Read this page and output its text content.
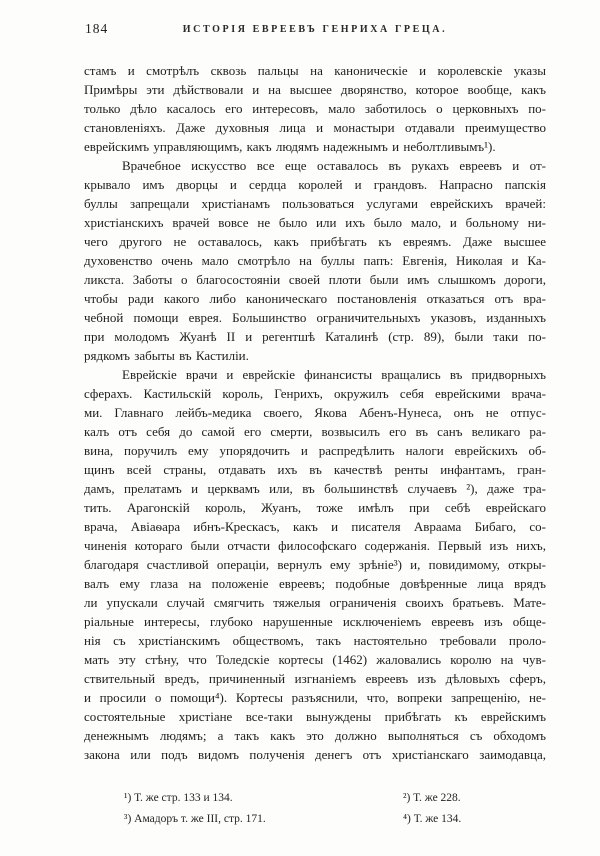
184	ИСТОРІЯ ЕВРЕЕВЪ ГЕНРИХА ГРЕЦА.
стамъ и смотрѣлъ сквозь пальцы на каноническіе и королевскіе указы
Примѣры эти дѣйствовали и на высшее дворянство, которое вообще, какъ
только дѣло касалось его интересовъ, мало заботилось о церковныхъ по-
становленіяхъ. Даже духовныя лица и монастыри отдавали преимущество
еврейскимъ управляющимъ, какъ людямъ надежнымъ и неболтливымъ¹).
Врачебное искусство все еще оставалось въ рукахъ евреевъ и от-
крывало имъ дворцы и сердца королей и грандовъ. Напрасно папскія
буллы запрещали христіанамъ пользоваться услугами еврейскихъ врачей:
христіанскихъ врачей вовсе не было или ихъ было мало, и больному ни-
чего другого не оставалось, какъ прибѣгать къ евреямъ. Даже высшее
духовенство очень мало смотрѣло на буллы папъ: Евгенія, Николая и Ка-
ликста. Заботы о благосостояніи своей плоти были имъ слышкомъ дороги,
чтобы ради какого либо каноническаго постановленія отказаться отъ вра-
чебной помощи еврея. Большинство ограничительныхъ указовъ, изданныхъ
при молодомъ Жуанѣ II и регентшѣ Каталинѣ (стр. 89), были таки по-
рядкомъ забыты въ Кастиліи.
Еврейскіе врачи и еврейскіе финансисты вращались въ придворныхъ
сферахъ. Кастильскій король, Генрихъ, окружилъ себя еврейскими врача-
ми. Главнаго лейбъ-медика своего, Якова Абенъ-Нунеса, онъ не отпус-
калъ отъ себя до самой его смерти, возвысилъ его въ санъ великаго ра-
вина, поручилъ ему упорядочить и распредѣлить налоги еврейскихъ об-
щинъ всей страны, отдавать ихъ въ качествѣ ренты инфантамъ, гран-
дамъ, прелатамъ и церквамъ или, въ большинствѣ случаевъ ²), даже тра-
тить. Арагонскій король, Жуанъ, тоже имѣлъ при себѣ еврейскаго
врача, Авіаѳара ибнъ-Крескасъ, какъ и писателя Авраама Бибаго, со-
чиненія котораго были отчасти философскаго содержанія. Первый изъ нихъ,
благодаря счастливой операціи, вернулъ ему зрѣніе³) и, повидимому, откры-
валъ ему глаза на положеніе евреевъ; подобные довѣренные лица врядъ
ли упускали случай смягчить тяжелыя ограниченія своихъ братьевъ. Мате-
ріальные интересы, глубоко нарушенные исключеніемъ евреевъ изъ обще-
нія съ христіанскимъ обществомъ, такъ настоятельно требовали проло-
мать эту стѣну, что Толедскіе кортесы (1462) жаловались королю на чув-
ствительный вредъ, причиненный изгнаніемъ евреевъ изъ дѣловыхъ сферъ,
и просили о помощи⁴). Кортесы разъяснили, что, вопреки запрещенію, не-
состоятельные христіане все-таки вынуждены прибѣгать къ еврейскимъ
денежнымъ людямъ; а такъ какъ это должно выполняться съ обходомъ
закона или подъ видомъ полученія денегъ отъ христіанскаго заимодавца,
¹) Т. же стр. 133 и 134.	²) Т. же 228.
³) Амадоръ т. же III, стр. 171.	⁴) Т. же 134.
